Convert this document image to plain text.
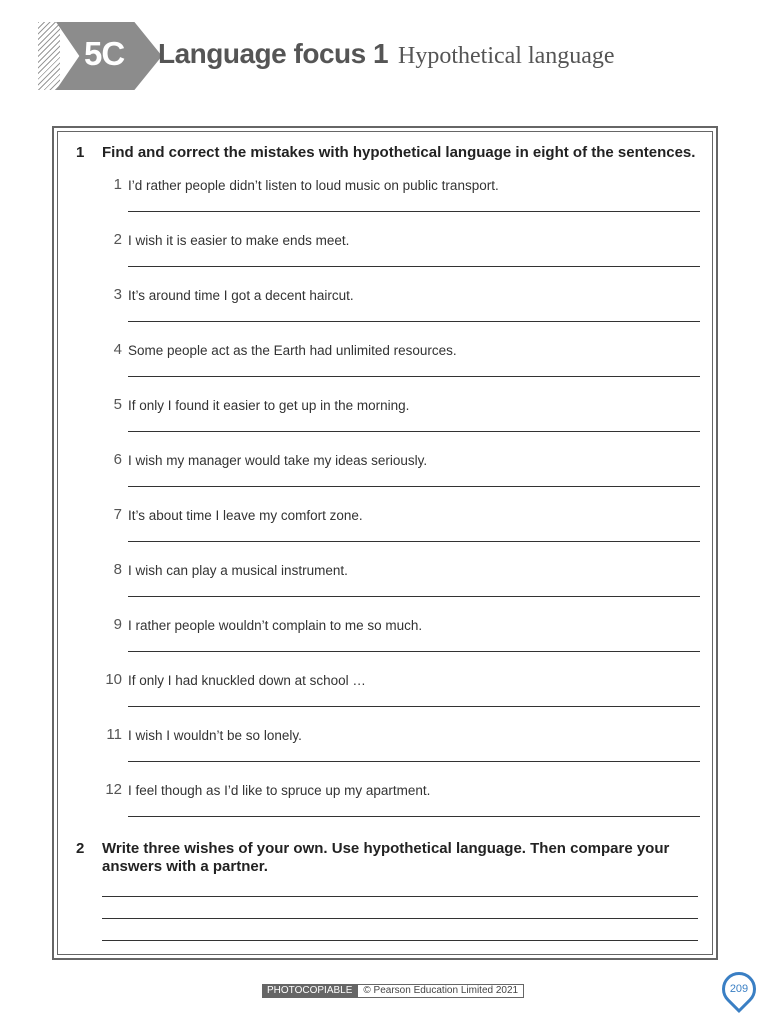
5C Language focus 1 Hypothetical language
1 Find and correct the mistakes with hypothetical language in eight of the sentences.
1 I’d rather people didn’t listen to loud music on public transport.
2 I wish it is easier to make ends meet.
3 It’s around time I got a decent haircut.
4 Some people act as the Earth had unlimited resources.
5 If only I found it easier to get up in the morning.
6 I wish my manager would take my ideas seriously.
7 It’s about time I leave my comfort zone.
8 I wish can play a musical instrument.
9 I rather people wouldn’t complain to me so much.
10 If only I had knuckled down at school …
11 I wish I wouldn’t be so lonely.
12 I feel though as I’d like to spruce up my apartment.
2 Write three wishes of your own. Use hypothetical language. Then compare your answers with a partner.
PHOTOCOPIABLE	© Pearson Education Limited 2021	209
